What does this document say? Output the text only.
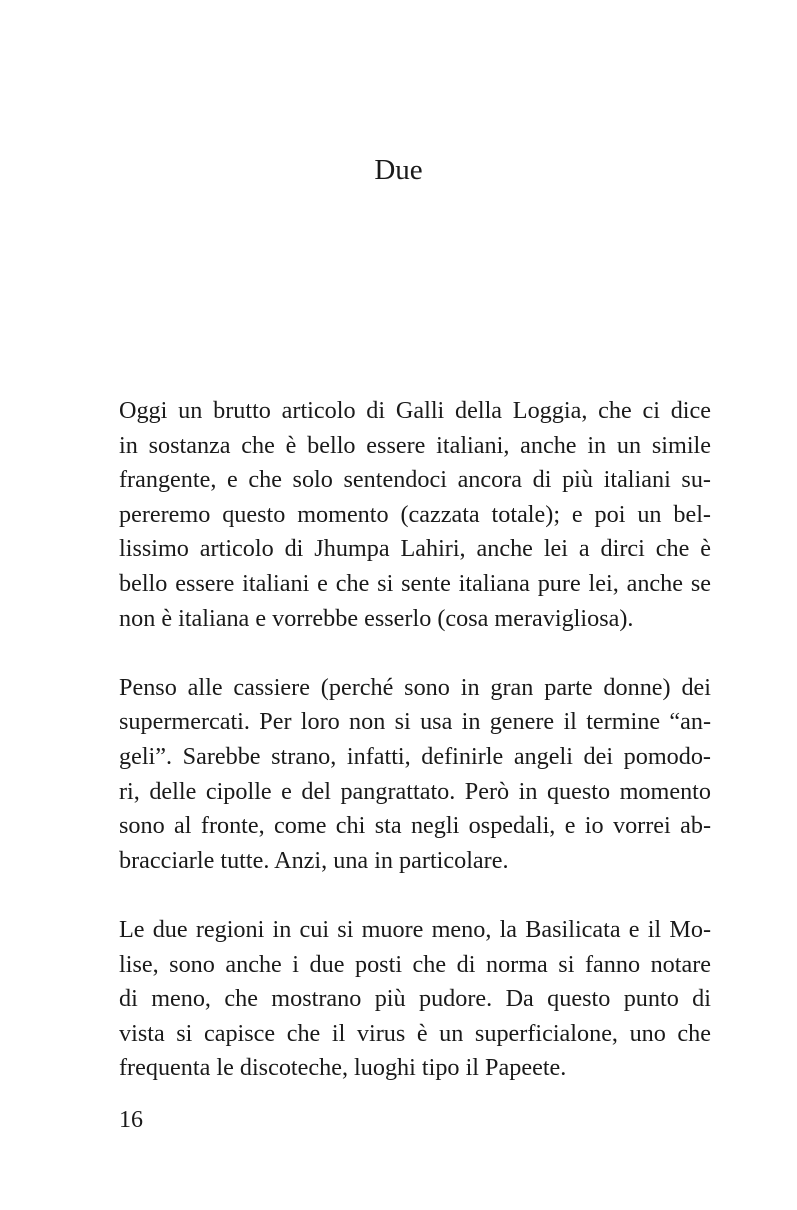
Due
Oggi un brutto articolo di Galli della Loggia, che ci dice
in sostanza che è bello essere italiani, anche in un simile
frangente, e che solo sentendoci ancora di più italiani su-
pereremo questo momento (cazzata totale); e poi un bel-
lissimo articolo di Jhumpa Lahiri, anche lei a dirci che è
bello essere italiani e che si sente italiana pure lei, anche se
non è italiana e vorrebbe esserlo (cosa meravigliosa).
Penso alle cassiere (perché sono in gran parte donne) dei
supermercati. Per loro non si usa in genere il termine “an-
geli”. Sarebbe strano, infatti, definirle angeli dei pomodo-
ri, delle cipolle e del pangrattato. Però in questo momento
sono al fronte, come chi sta negli ospedali, e io vorrei ab-
bracciarle tutte. Anzi, una in particolare.
Le due regioni in cui si muore meno, la Basilicata e il Mo-
lise, sono anche i due posti che di norma si fanno notare
di meno, che mostrano più pudore. Da questo punto di
vista si capisce che il virus è un superficialone, uno che
frequenta le discoteche, luoghi tipo il Papeete.

16
